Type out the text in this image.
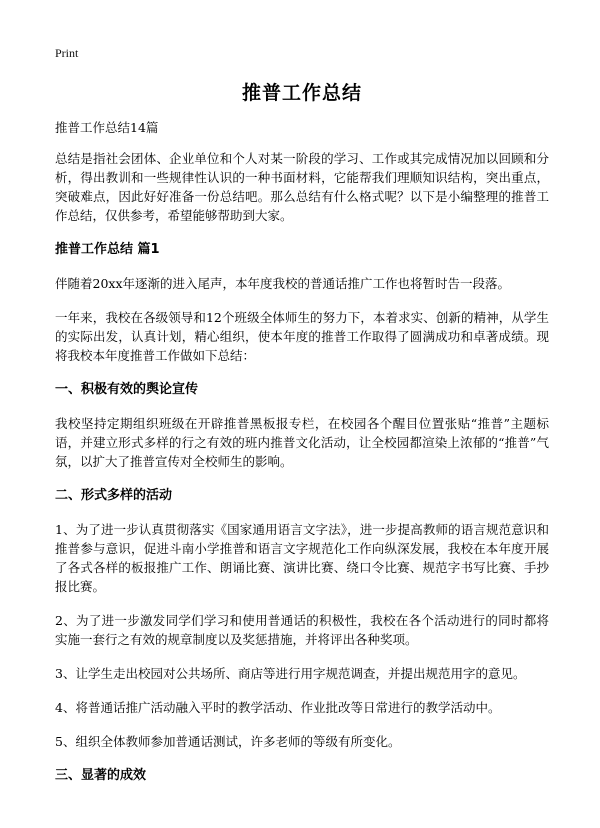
Print
推普工作总结

推普工作总结14篇

总结是指社会团体、企业单位和个人对某一阶段的学习、工作或其完成情况加以回顾和分析，得出教训和一些规律性认识的一种书面材料，它能帮我们理顺知识结构，突出重点，突破难点，因此好好准备一份总结吧。那么总结有什么格式呢？以下是小编整理的推普工作总结，仅供参考，希望能够帮助到大家。

推普工作总结 篇1

伴随着20xx年逐渐的进入尾声，本年度我校的普通话推广工作也将暂时告一段落。

一年来，我校在各级领导和12个班级全体师生的努力下，本着求实、创新的精神，从学生的实际出发，认真计划，精心组织，使本年度的推普工作取得了圆满成功和卓著成绩。现将我校本年度推普工作做如下总结：

一、积极有效的舆论宣传

我校坚持定期组织班级在开辟推普黑板报专栏，在校园各个醒目位置张贴“推普”主题标语，并建立形式多样的行之有效的班内推普文化活动，让全校园都渲染上浓郁的“推普”气氛，以扩大了推普宣传对全校师生的影响。

二、形式多样的活动

1、为了进一步认真贯彻落实《国家通用语言文字法》，进一步提高教师的语言规范意识和推普参与意识，促进斗南小学推普和语言文字规范化工作向纵深发展，我校在本年度开展了各式各样的板报推广工作、朗诵比赛、演讲比赛、绕口令比赛、规范字书写比赛、手抄报比赛。

2、为了进一步激发同学们学习和使用普通话的积极性，我校在各个活动进行的同时都将实施一套行之有效的规章制度以及奖惩措施，并将评出各种奖项。

3、让学生走出校园对公共场所、商店等进行用字规范调查，并提出规范用字的意见。

4、将普通话推广活动融入平时的教学活动、作业批改等日常进行的教学活动中。

5、组织全体教师参加普通话测试，许多老师的等级有所变化。

三、显著的成效
